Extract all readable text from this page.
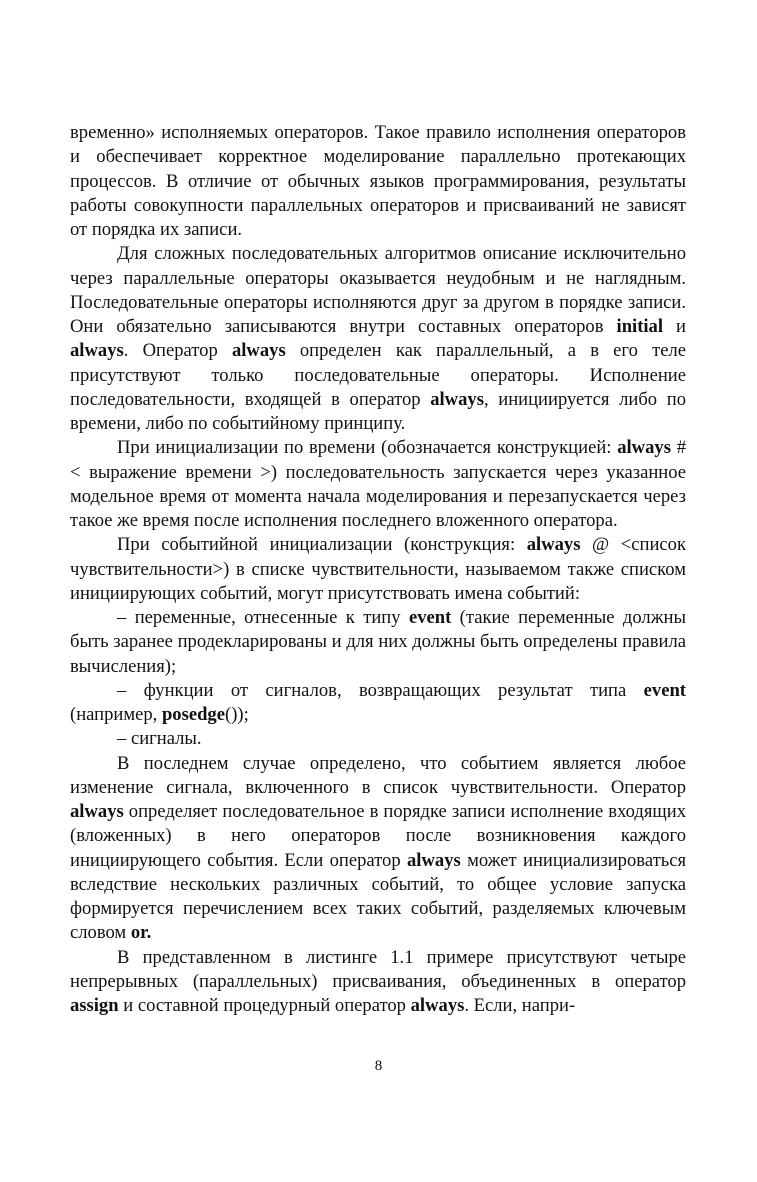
временно» исполняемых операторов. Такое правило исполнения операторов и обеспечивает корректное моделирование параллельно протекающих процессов. В отличие от обычных языков программирования, результаты работы совокупности параллельных операторов и присваиваний не зависят от порядка их записи.

Для сложных последовательных алгоритмов описание исключительно через параллельные операторы оказывается неудобным и не наглядным. Последовательные операторы исполняются друг за другом в порядке записи. Они обязательно записываются внутри составных операторов initial и always. Оператор always определен как параллельный, а в его теле присутствуют только последовательные операторы. Исполнение последовательности, входящей в оператор always, инициируется либо по времени, либо по событийному принципу.

При инициализации по времени (обозначается конструкцией: always # < выражение времени >) последовательность запускается через указанное модельное время от момента начала моделирования и перезапускается через такое же время после исполнения последнего вложенного оператора.

При событийной инициализации (конструкция: always @ <список чувствительности>) в списке чувствительности, называемом также списком инициирующих событий, могут присутствовать имена событий:

– переменные, отнесенные к типу event (такие переменные должны быть заранее продекларированы и для них должны быть определены правила вычисления);

– функции от сигналов, возвращающих результат типа event (например, posedge());

– сигналы.

В последнем случае определено, что событием является любое изменение сигнала, включенного в список чувствительности. Оператор always определяет последовательное в порядке записи исполнение входящих (вложенных) в него операторов после возникновения каждого инициирующего события. Если оператор always может инициализироваться вследствие нескольких различных событий, то общее условие запуска формируется перечислением всех таких событий, разделяемых ключевым словом or.

В представленном в листинге 1.1 примере присутствуют четыре непрерывных (параллельных) присваивания, объединенных в оператор assign и составной процедурный оператор always. Если, напри-

8
